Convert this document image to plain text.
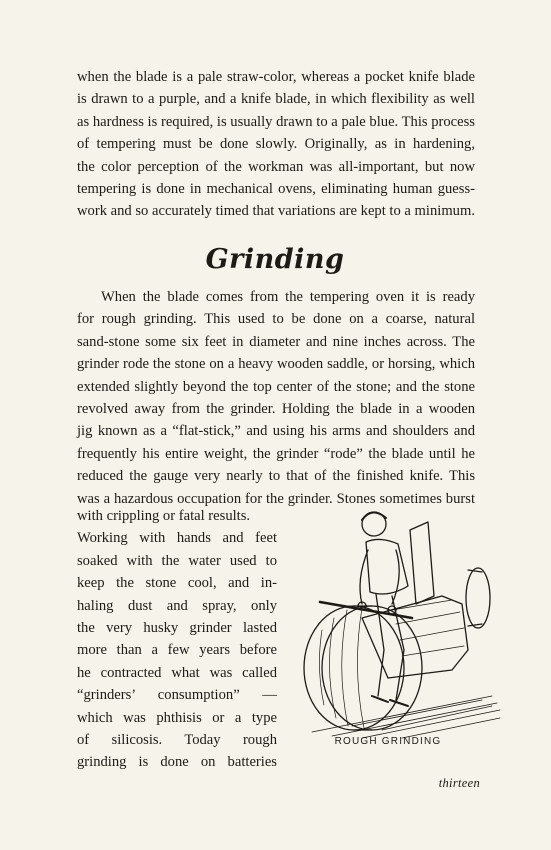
when the blade is a pale straw-color, whereas a pocket knife blade
is drawn to a purple, and a knife blade, in which flexibility as well
as hardness is required, is usually drawn to a pale blue. This process
of tempering must be done slowly. Originally, as in hardening,
the color perception of the workman was all-important, but now
tempering is done in mechanical ovens, eliminating human guess-
work and so accurately timed that variations are kept to a minimum.

Grinding

When the blade comes from the tempering oven it is ready
for rough grinding. This used to be done on a coarse, natural
sand-stone some six feet in diameter and nine inches across. The
grinder rode the stone on a heavy wooden saddle, or horsing, which
extended slightly beyond the top center of the stone; and the stone
revolved away from the grinder. Holding the blade in a wooden
jig known as a “flat-stick,” and using his arms and shoulders and
frequently his entire weight, the grinder “rode” the blade until he
reduced the gauge very nearly to that of the finished knife. This
was a hazardous occupation for the grinder. Stones sometimes burst

with crippling or fatal results.
Working with hands and feet
soaked with the water used to
keep the stone cool, and in-
haling dust and spray, only
the very husky grinder lasted
more than a few years before
he contracted what was called
“grinders’ consumption” —
which was phthisis or a type
of silicosis. Today rough
grinding is done on batteries

ROUGH GRINDING
thirteen
